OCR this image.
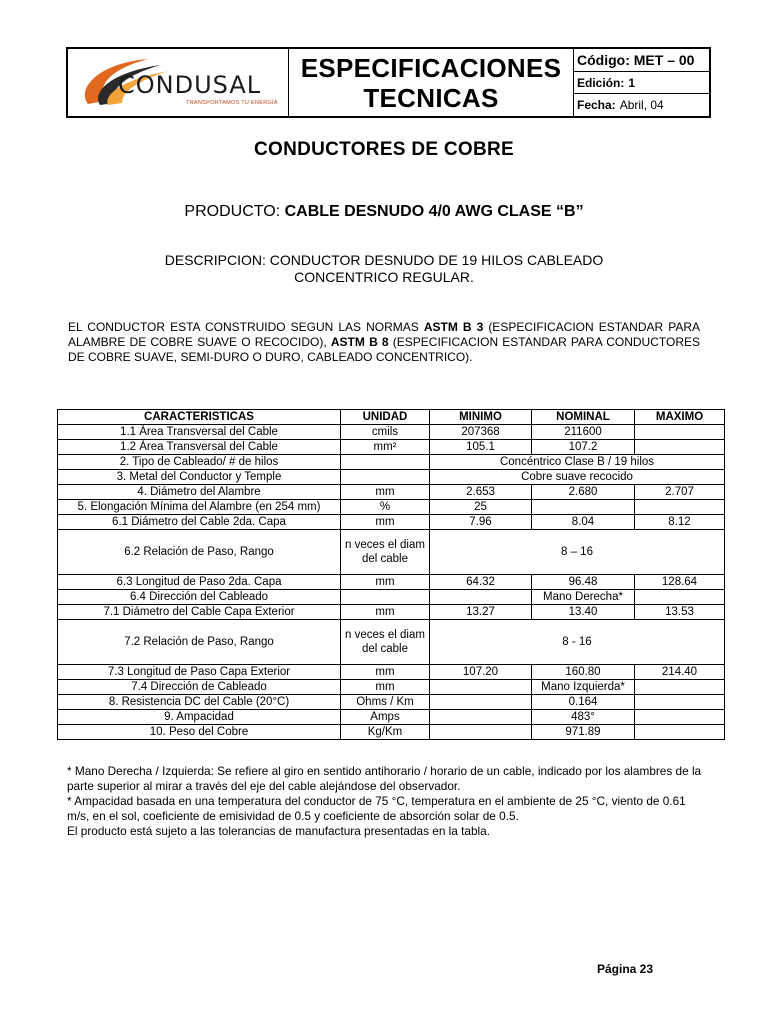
CONDUSAL
TRANSPORTAMOS TU ENERGÍA
ESPECIFICACIONES
TECNICAS
Código: MET – 00
Edición: 1
Fecha: Abril, 04
CONDUCTORES DE COBRE
PRODUCTO: CABLE DESNUDO 4/0 AWG CLASE “B”
DESCRIPCION: CONDUCTOR DESNUDO DE 19 HILOS CABLEADO CONCENTRICO REGULAR.
EL CONDUCTOR ESTA CONSTRUIDO SEGUN LAS NORMAS ASTM B 3 (ESPECIFICACION ESTANDAR PARA ALAMBRE DE COBRE SUAVE O RECOCIDO), ASTM B 8 (ESPECIFICACION ESTANDAR PARA CONDUCTORES DE COBRE SUAVE, SEMI-DURO O DURO, CABLEADO CONCENTRICO).
CARACTERISTICAS	UNIDAD	MINIMO	NOMINAL	MAXIMO
1.1 Área Transversal del Cable	cmils	207368	211600	
1.2 Área Transversal del Cable	mm²	105.1	107.2	
2. Tipo de Cableado/ # de hilos		Concéntrico Clase B / 19 hilos		
3. Metal del Conductor y Temple		Cobre suave recocido		
4. Diámetro del Alambre	mm	2.653	2.680	2.707
5. Elongación Mínima del Alambre (en 254 mm)	%	25		
6.1 Diámetro del Cable 2da. Capa	mm	7.96	8.04	8.12
6.2 Relación de Paso, Rango	n veces el diam del cable	8 – 16		
6.3 Longitud de Paso 2da. Capa	mm	64.32	96.48	128.64
6.4 Dirección del Cableado			Mano Derecha*	
7.1 Diámetro del Cable Capa Exterior	mm	13.27	13.40	13.53
7.2 Relación de Paso, Rango	n veces el diam del cable	8 - 16		
7.3 Longitud de Paso Capa Exterior	mm	107.20	160.80	214.40
7.4 Dirección de Cableado	mm		Mano Izquierda*	
8. Resistencia DC del Cable (20°C)	Ohms / Km		0.164	
9. Ampacidad	Amps		483°	
10. Peso del Cobre	Kg/Km		971.89	

* Mano Derecha / Izquierda: Se refiere al giro en sentido antihorario / horario de un cable, indicado por los alambres de la parte superior al mirar a través del eje del cable alejándose del observador.

* Ampacidad basada en una temperatura del conductor de 75 °C, temperatura en el ambiente de 25 °C, viento de 0.61 m/s, en el sol, coeficiente de emisividad de 0.5 y coeficiente de absorción solar de 0.5.

El producto está sujeto a las tolerancias de manufactura presentadas en la tabla.

Página 23
